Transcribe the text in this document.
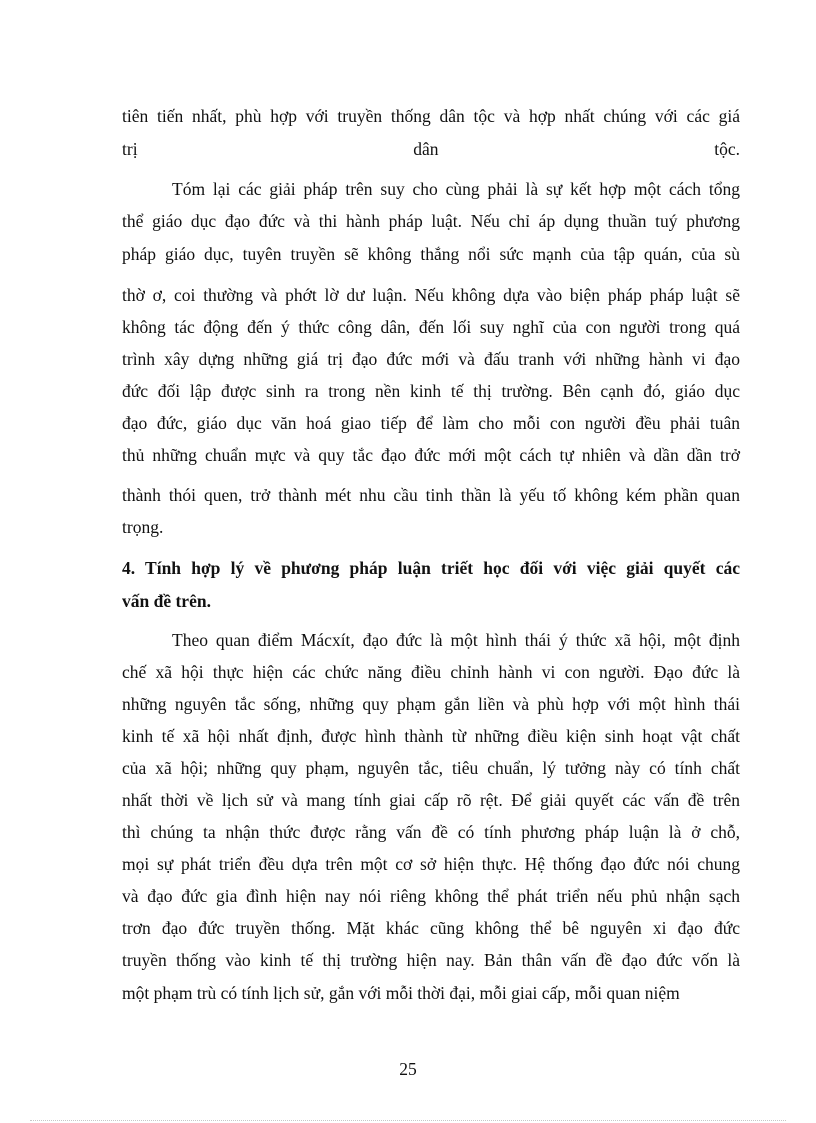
tiên tiến nhất, phù hợp với truyền thống dân tộc và hợp nhất chúng với các giá
trị dân tộc.
Tóm lại các giải pháp trên suy cho cùng phải là sự kết hợp một cách tổng
thể giáo dục đạo đức và thi hành pháp luật. Nếu chỉ áp dụng thuần tuý phương
pháp giáo dục, tuyên truyền sẽ không thắng nổi sức mạnh của tập quán, của sù
thờ ơ, coi thường và phớt lờ dư luận. Nếu không dựa vào biện pháp pháp luật sẽ
không tác động đến ý thức công dân, đến lối suy nghĩ của con người trong quá
trình xây dựng những giá trị đạo đức mới và đấu tranh với những hành vi đạo
đức đối lập được sinh ra trong nền kinh tế thị trường. Bên cạnh đó, giáo dục
đạo đức, giáo dục văn hoá giao tiếp để làm cho mỗi con người đều phải tuân
thủ những chuẩn mực và quy tắc đạo đức mới một cách tự nhiên và dần dần trở
thành thói quen, trở thành mét nhu cầu tinh thần là yếu tố không kém phần quan
trọng.
4. Tính hợp lý về phương pháp luận triết học đối với việc giải quyết các
vấn đề trên.
Theo quan điểm Mácxít, đạo đức là một hình thái ý thức xã hội, một định
chế xã hội thực hiện các chức năng điều chỉnh hành vi con người. Đạo đức là
những nguyên tắc sống, những quy phạm gắn liền và phù hợp với một hình thái
kinh tế xã hội nhất định, được hình thành từ những điều kiện sinh hoạt vật chất
của xã hội; những quy phạm, nguyên tắc, tiêu chuẩn, lý tưởng này có tính chất
nhất thời về lịch sử và mang tính giai cấp rõ rệt. Để giải quyết các vấn đề trên
thì chúng ta nhận thức được rằng vấn đề có tính phương pháp luận là ở chỗ,
mọi sự phát triển đều dựa trên một cơ sở hiện thực. Hệ thống đạo đức nói chung
và đạo đức gia đình hiện nay nói riêng không thể phát triển nếu phủ nhận sạch
trơn đạo đức truyền thống. Mặt khác cũng không thể bê nguyên xi đạo đức
truyền thống vào kinh tế thị trường hiện nay. Bản thân vấn đề đạo đức vốn là
một phạm trù có tính lịch sử, gắn với mỗi thời đại, mỗi giai cấp, mỗi quan niệm
25
